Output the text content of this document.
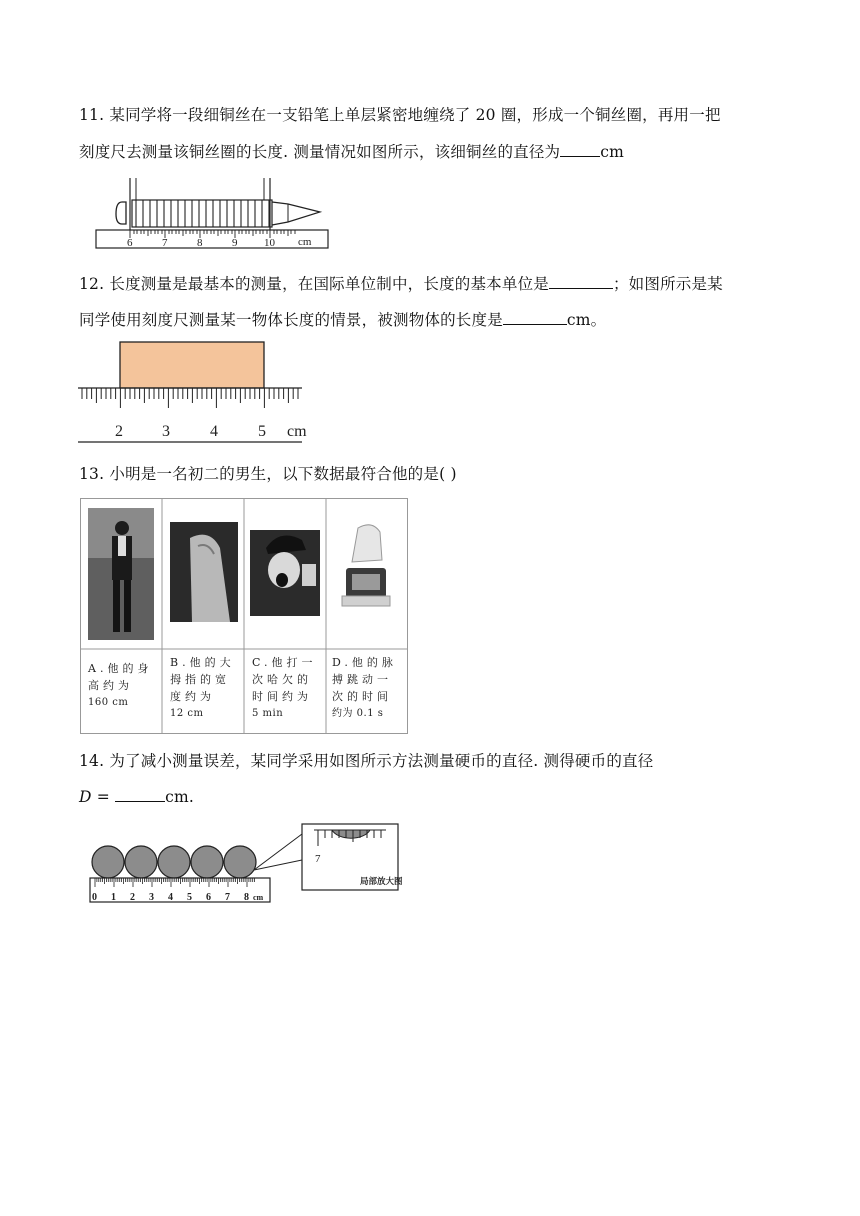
11. 某同学将一段细铜丝在一支铅笔上单层紧密地缠绕了 20 圈，形成一个铜丝圈，再用一把
刻度尺去测量该铜丝圈的长度. 测量情况如图所示，该细铜丝的直径为	cm
6	7	8	9 10 cm
12. 长度测量是最基本的测量，在国际单位制中，长度的基本单位是	；如图所示是某
同学使用刻度尺测量某一物体长度的情景，被测物体的长度是	cm。
2 3	4	5 cm
13. 小明是一名初二的男生，以下数据最符合他的是( )
A.他的身
高约为
160 cm
B.他的大
拇指的宽
度约为
12 cm
C.他打一
次哈欠的
时间约为
5 min
D.他的脉
搏跳动一
次的时间
约为 0.1 s
14. 为了减小测量误差，某同学采用如图所示方法测量硬币的直径. 测得硬币的直径
D =	cm.
0 1 2 3 4 5 6 7 8 cm
7
局部放大图
